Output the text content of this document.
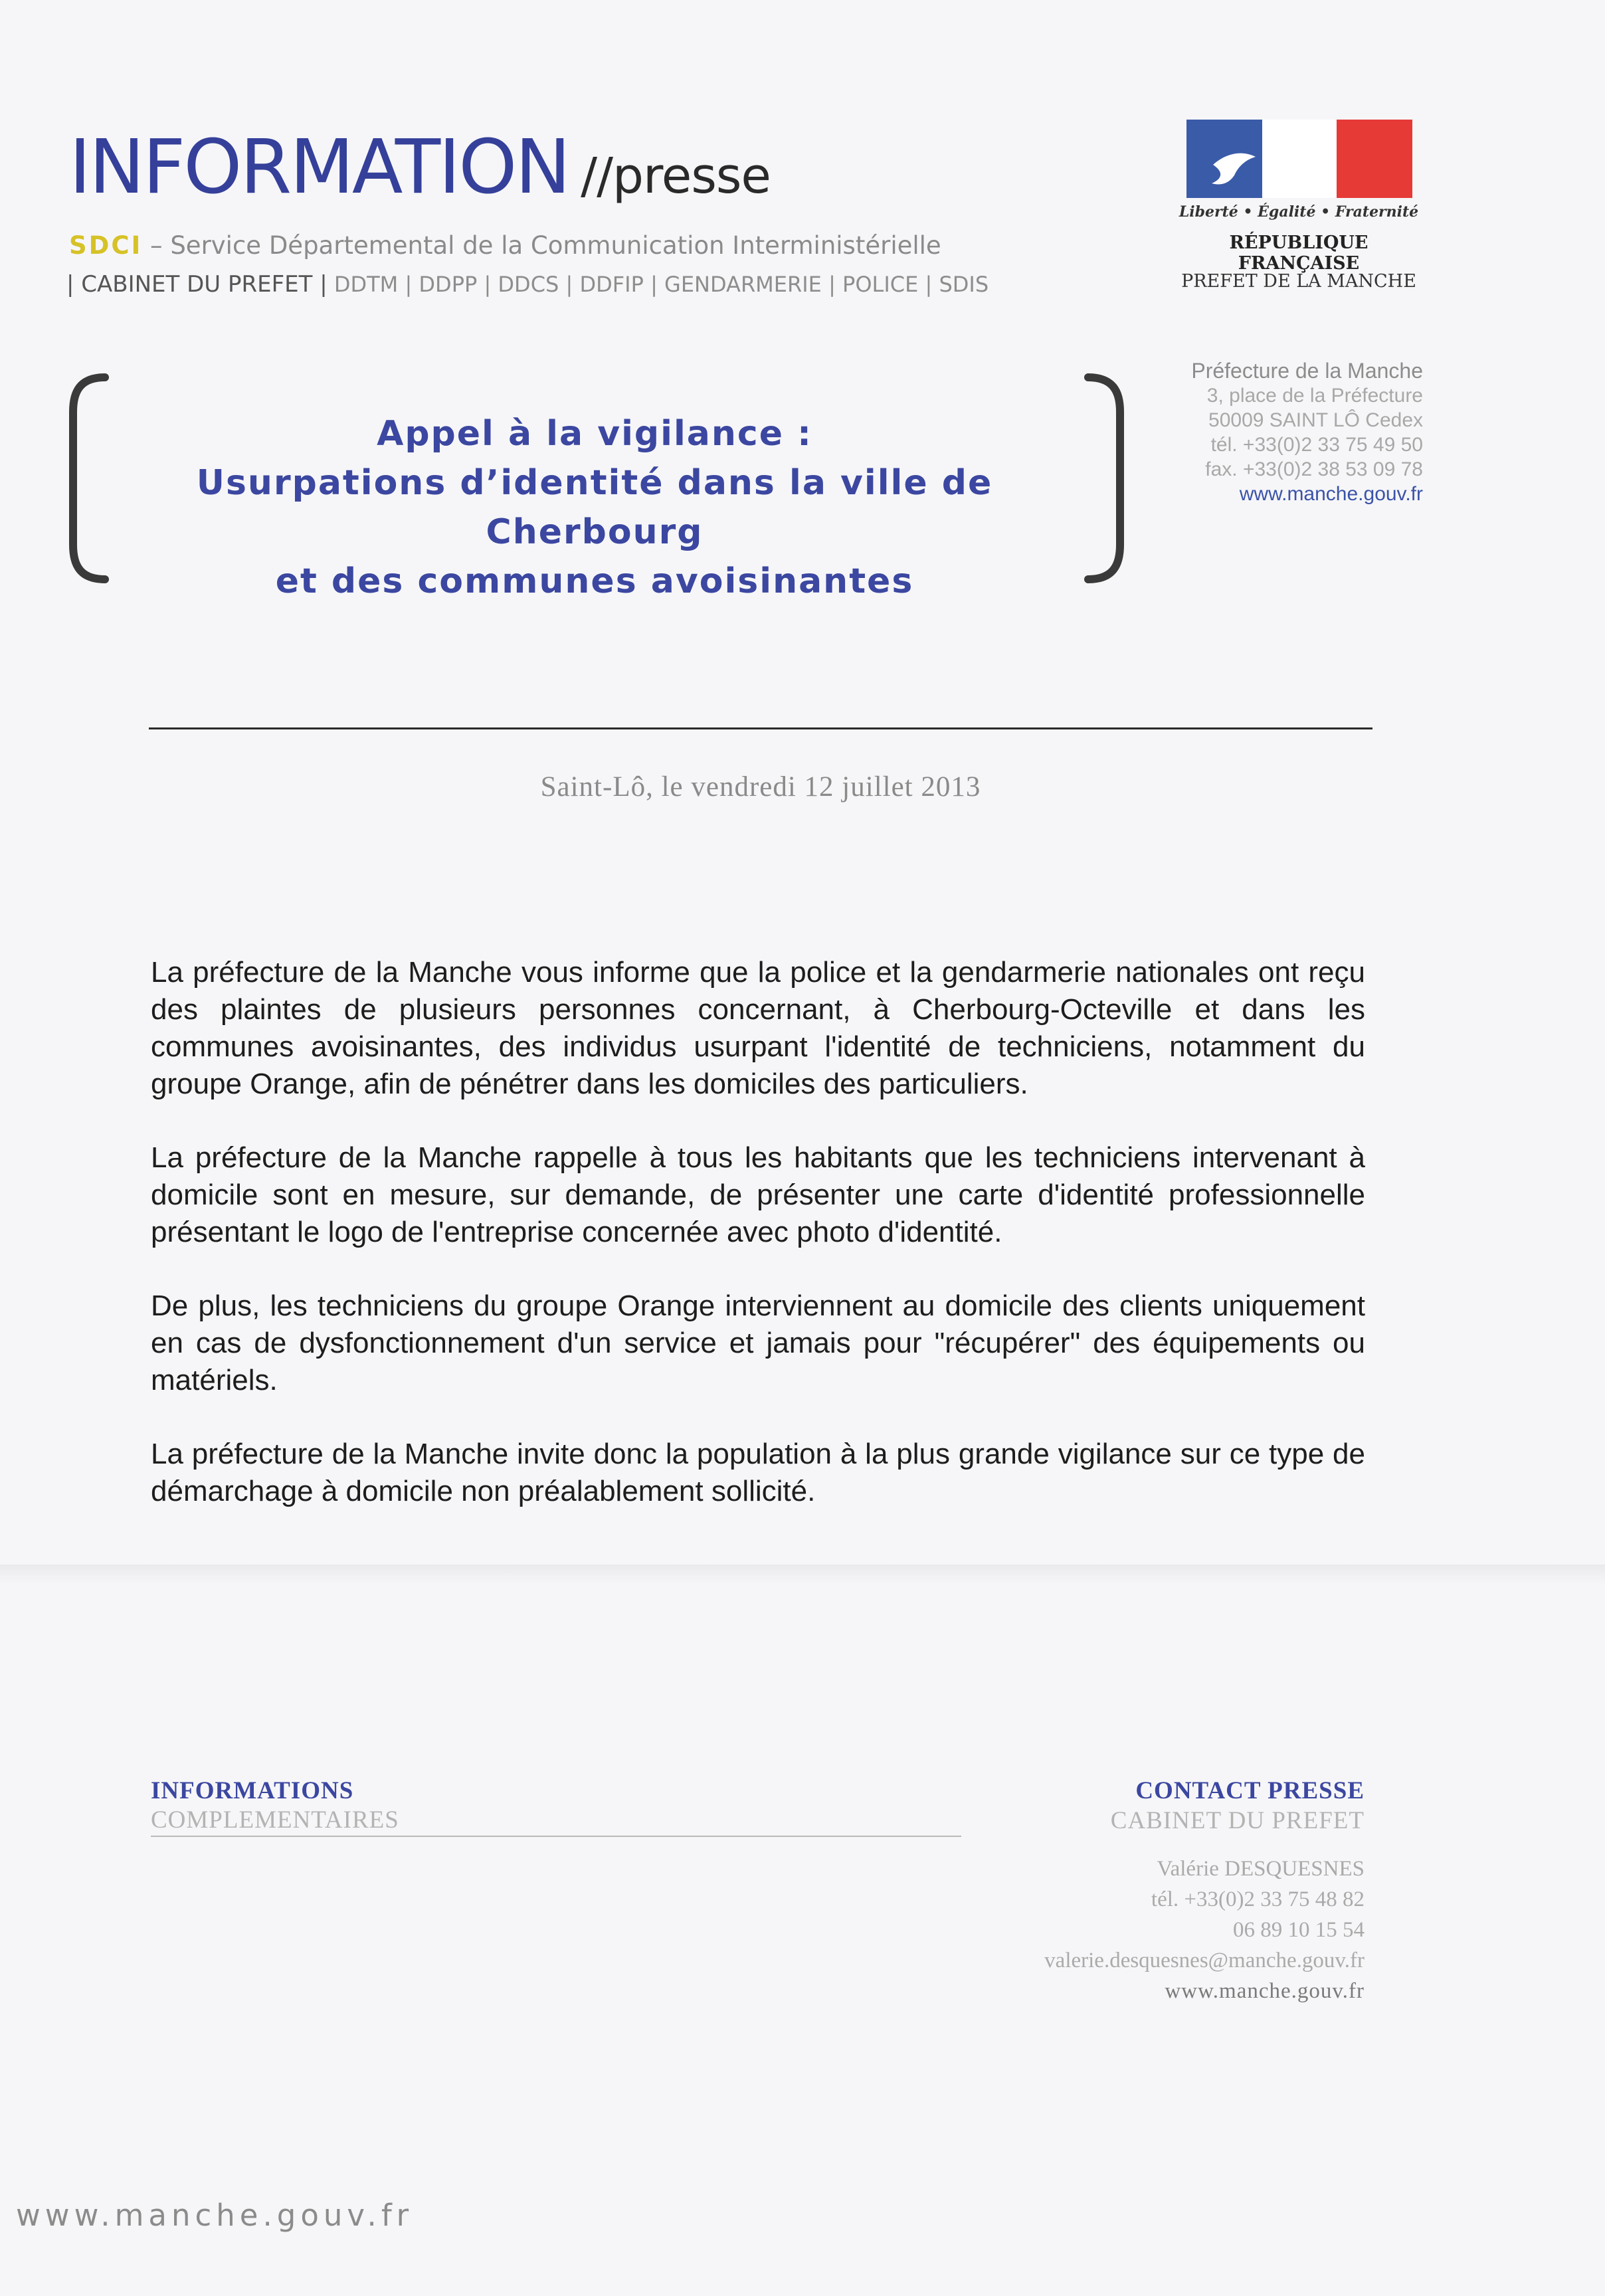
INFORMATION //presse
SDCI – Service Départemental de la Communication Interministérielle
| CABINET DU PREFET | DDTM | DDPP | DDCS | DDFIP | GENDARMERIE | POLICE | SDIS
Liberté • Égalité • Fraternité
RÉPUBLIQUE FRANÇAISE
PREFET DE LA MANCHE
Préfecture de la Manche
3, place de la Préfecture
50009 SAINT LÔ Cedex
tél. +33(0)2 33 75 49 50
fax. +33(0)2 38 53 09 78
www.manche.gouv.fr
Appel à la vigilance :
Usurpations d’identité dans la ville de Cherbourg
et des communes avoisinantes
Saint-Lô, le vendredi 12 juillet 2013

La préfecture de la Manche vous informe que la police et la gendarmerie nationales ont reçu des plaintes de plusieurs personnes concernant, à Cherbourg-Octeville et dans les communes avoisinantes, des individus usurpant l'identité de techniciens, notamment du groupe Orange, afin de pénétrer dans les domiciles des particuliers.

La préfecture de la Manche rappelle à tous les habitants que les techniciens intervenant à domicile sont en mesure, sur demande, de présenter une carte d'identité professionnelle présentant le logo de l'entreprise concernée avec photo d'identité.

De plus, les techniciens du groupe Orange interviennent au domicile des clients uniquement en cas de dysfonctionnement d'un service et jamais pour "récupérer" des équipements ou matériels.

La préfecture de la Manche invite donc la population à la plus grande vigilance sur ce type de démarchage à domicile non préalablement sollicité.

INFORMATIONS
COMPLEMENTAIRES
CONTACT PRESSE
CABINET DU PREFET
Valérie DESQUESNES
tél. +33(0)2 33 75 48 82
06 89 10 15 54
valerie.desquesnes@manche.gouv.fr
www.manche.gouv.fr
www.manche.gouv.fr
